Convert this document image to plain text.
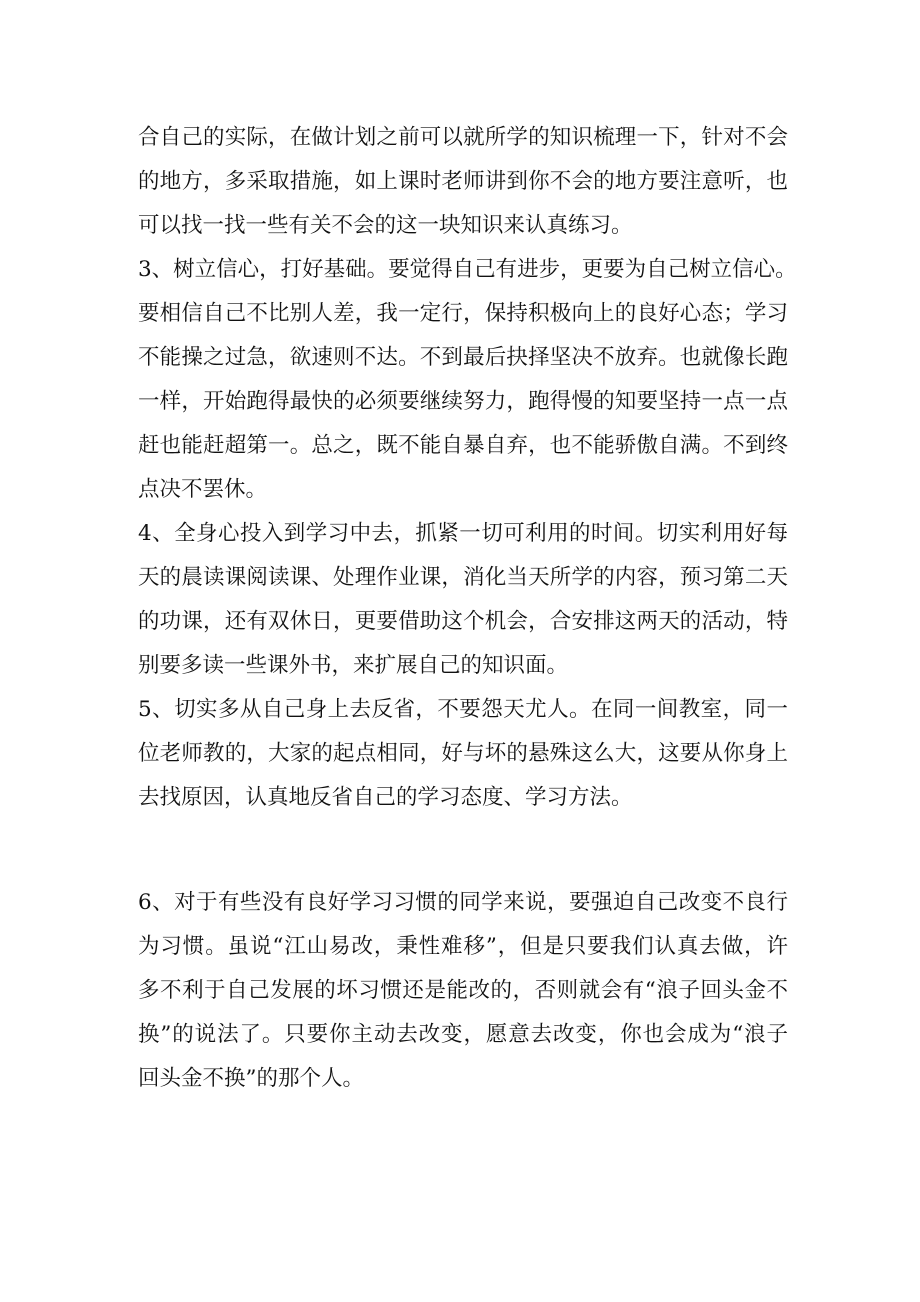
合自己的实际，在做计划之前可以就所学的知识梳理一下，针对不会
的地方，多采取措施，如上课时老师讲到你不会的地方要注意听，也
可以找一找一些有关不会的这一块知识来认真练习。
3、树立信心，打好基础。要觉得自己有进步，更要为自己树立信心。
要相信自己不比别人差，我一定行，保持积极向上的良好心态；学习
不能操之过急，欲速则不达。不到最后抉择坚决不放弃。也就像长跑
一样，开始跑得最快的必须要继续努力，跑得慢的知要坚持一点一点
赶也能赶超第一。总之，既不能自暴自弃，也不能骄傲自满。不到终
点决不罢休。
4、全身心投入到学习中去，抓紧一切可利用的时间。切实利用好每
天的晨读课阅读课、处理作业课，消化当天所学的内容，预习第二天
的功课，还有双休日，更要借助这个机会，合安排这两天的活动，特
别要多读一些课外书，来扩展自己的知识面。
5、切实多从自己身上去反省，不要怨天尤人。在同一间教室，同一
位老师教的，大家的起点相同，好与坏的悬殊这么大，这要从你身上
去找原因，认真地反省自己的学习态度、学习方法。
6、对于有些没有良好学习习惯的同学来说，要强迫自己改变不良行
为习惯。虽说“江山易改，秉性难移”，但是只要我们认真去做，许
多不利于自己发展的坏习惯还是能改的，否则就会有“浪子回头金不
换”的说法了。只要你主动去改变，愿意去改变，你也会成为“浪子
回头金不换”的那个人。
